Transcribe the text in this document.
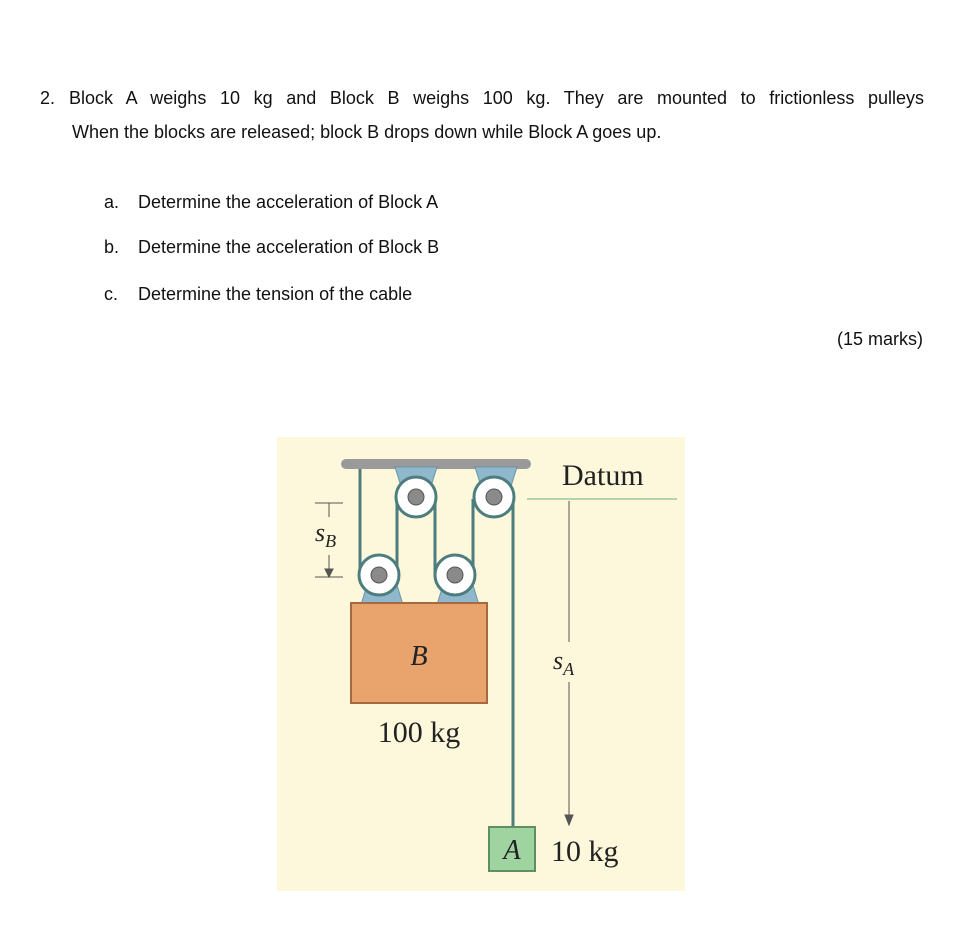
2. Block A weighs 10 kg and Block B weighs 100 kg. They are mounted to frictionless pulleys
When the blocks are released; block B drops down while Block A goes up.
a. Determine the acceleration of Block A
b. Determine the acceleration of Block B
c. Determine the tension of the cable
(15 marks)
Datum
B
100 kg
$s_B$
$s_A$
A 10 kg
